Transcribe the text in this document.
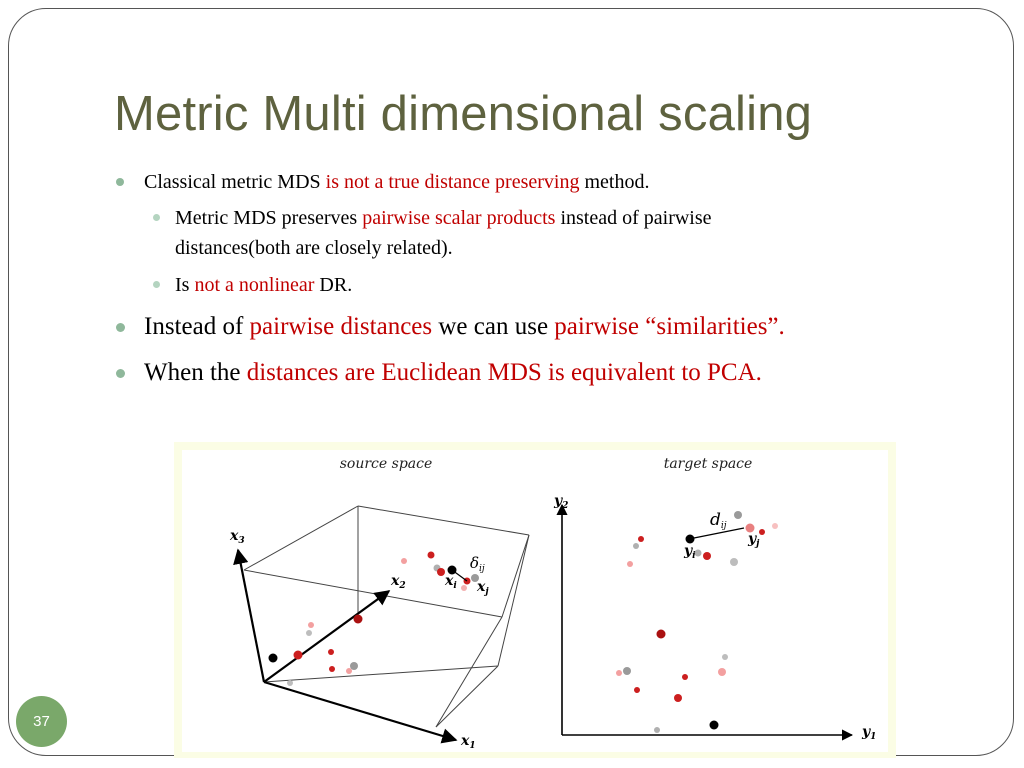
Metric Multi dimensional scaling
Classical metric MDS is not a true distance preserving method.
Metric MDS preserves pairwise scalar products instead of pairwise
distances(both are closely related).
Is not a nonlinear DR.
Instead of pairwise distances we can use pairwise “similarities”.
When the distances are Euclidean MDS is equivalent to PCA.
source space	target space
$x_3$
$x_2$
$x_1$
$\delta_{ij}$
$x_i$ $x_j$
$y_2$
$y_1$
dij
$y_i$
$y_j$
37
